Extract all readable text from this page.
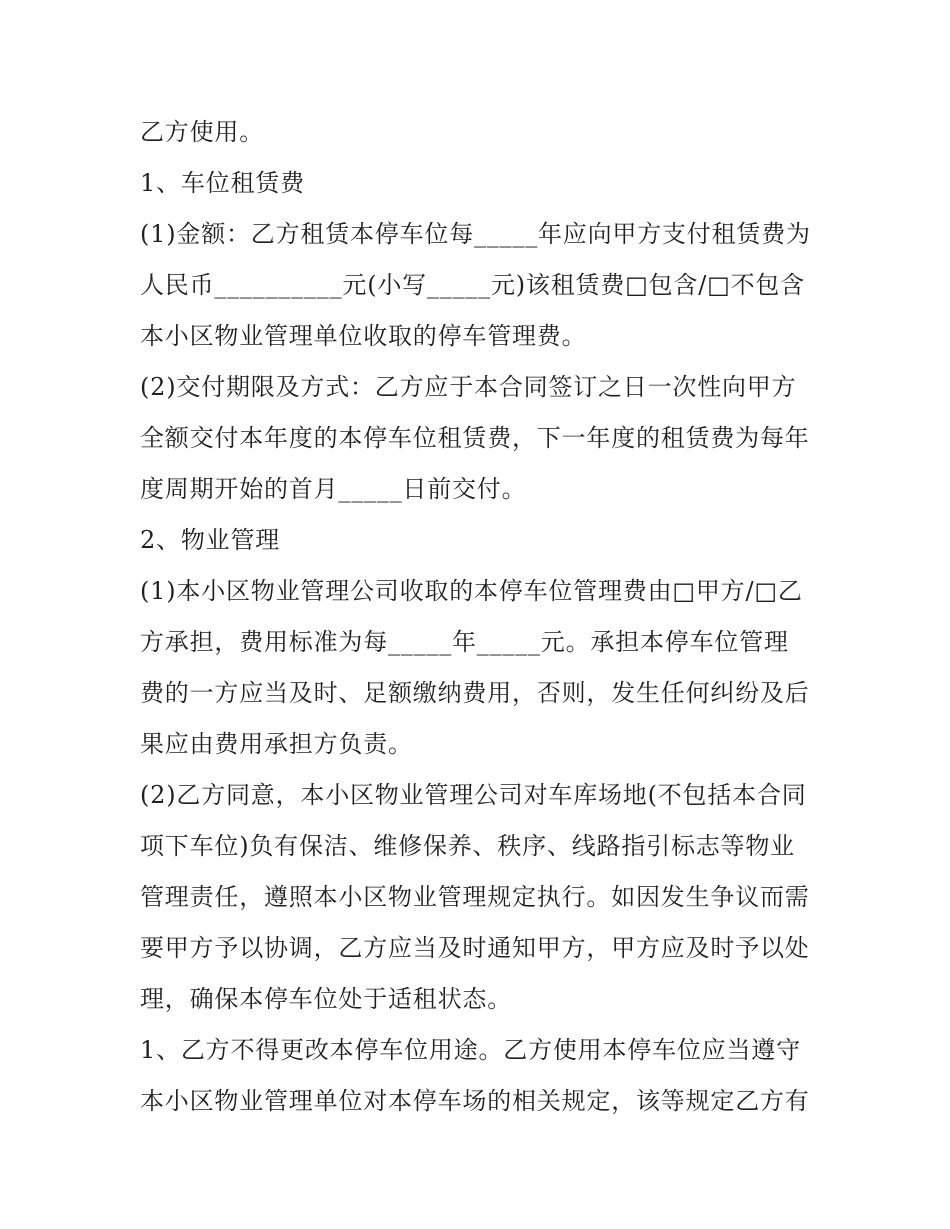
乙方使用。

1、车位租赁费

(1)金额：乙方租赁本停车位每_____年应向甲方支付租赁费为

人民币__________元(小写_____元)该租赁费□包含/□不包含

本小区物业管理单位收取的停车管理费。

(2)交付期限及方式：乙方应于本合同签订之日一次性向甲方

全额交付本年度的本停车位租赁费，下一年度的租赁费为每年

度周期开始的首月_____日前交付。

2、物业管理

(1)本小区物业管理公司收取的本停车位管理费由□甲方/□乙

方承担，费用标准为每_____年_____元。承担本停车位管理

费的一方应当及时、足额缴纳费用，否则，发生任何纠纷及后

果应由费用承担方负责。

(2)乙方同意，本小区物业管理公司对车库场地(不包括本合同

项下车位)负有保洁、维修保养、秩序、线路指引标志等物业

管理责任，遵照本小区物业管理规定执行。如因发生争议而需

要甲方予以协调，乙方应当及时通知甲方，甲方应及时予以处

理，确保本停车位处于适租状态。

1、乙方不得更改本停车位用途。乙方使用本停车位应当遵守

本小区物业管理单位对本停车场的相关规定，该等规定乙方有
